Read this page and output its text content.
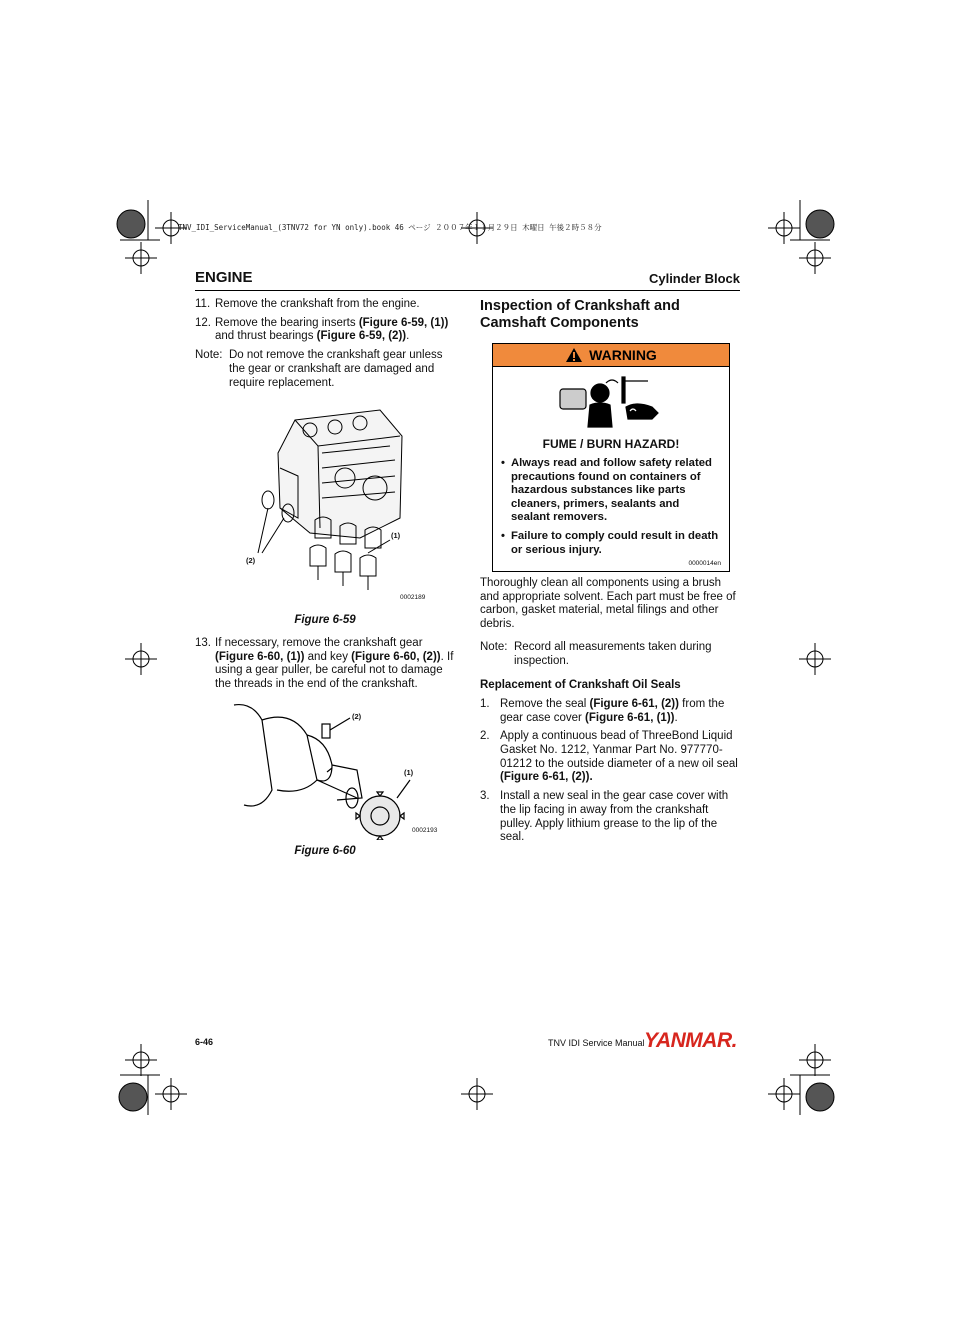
TNV_IDI_ServiceManual_(3TNV72 for YN only).book 46 ページ ２００７年１１月２９日 木曜日 午後２時５８分
ENGINE	Cylinder Block
11. Remove the crankshaft from the engine.
12. Remove the bearing inserts (Figure 6-59, (1)) and thrust bearings (Figure 6-59, (2)).
Note: Do not remove the crankshaft gear unless the gear or crankshaft are damaged and require replacement.
(2)
(1)
0002189
Figure 6-59
13. If necessary, remove the crankshaft gear (Figure 6-60, (1)) and key (Figure 6-60, (2)). If using a gear puller, be careful not to damage the threads in the end of the crankshaft.
(2)
(1)
0002193
Figure 6-60
Inspection of Crankshaft and Camshaft Components
WARNING
FUME / BURN HAZARD!
• Always read and follow safety related precautions found on containers of hazardous substances like parts cleaners, primers, sealants and sealant removers.
• Failure to comply could result in death or serious injury.
0000014en
Thoroughly clean all components using a brush and appropriate solvent. Each part must be free of carbon, gasket material, metal filings and other debris.
Note: Record all measurements taken during inspection.
Replacement of Crankshaft Oil Seals
1. Remove the seal (Figure 6-61, (2)) from the gear case cover (Figure 6-61, (1)).
2. Apply a continuous bead of ThreeBond Liquid Gasket No. 1212, Yanmar Part No. 977770-01212 to the outside diameter of a new oil seal (Figure 6-61, (2)).
3. Install a new seal in the gear case cover with the lip facing in away from the crankshaft pulley. Apply lithium grease to the lip of the seal.
6-46	TNV IDI Service Manual YANMAR.
